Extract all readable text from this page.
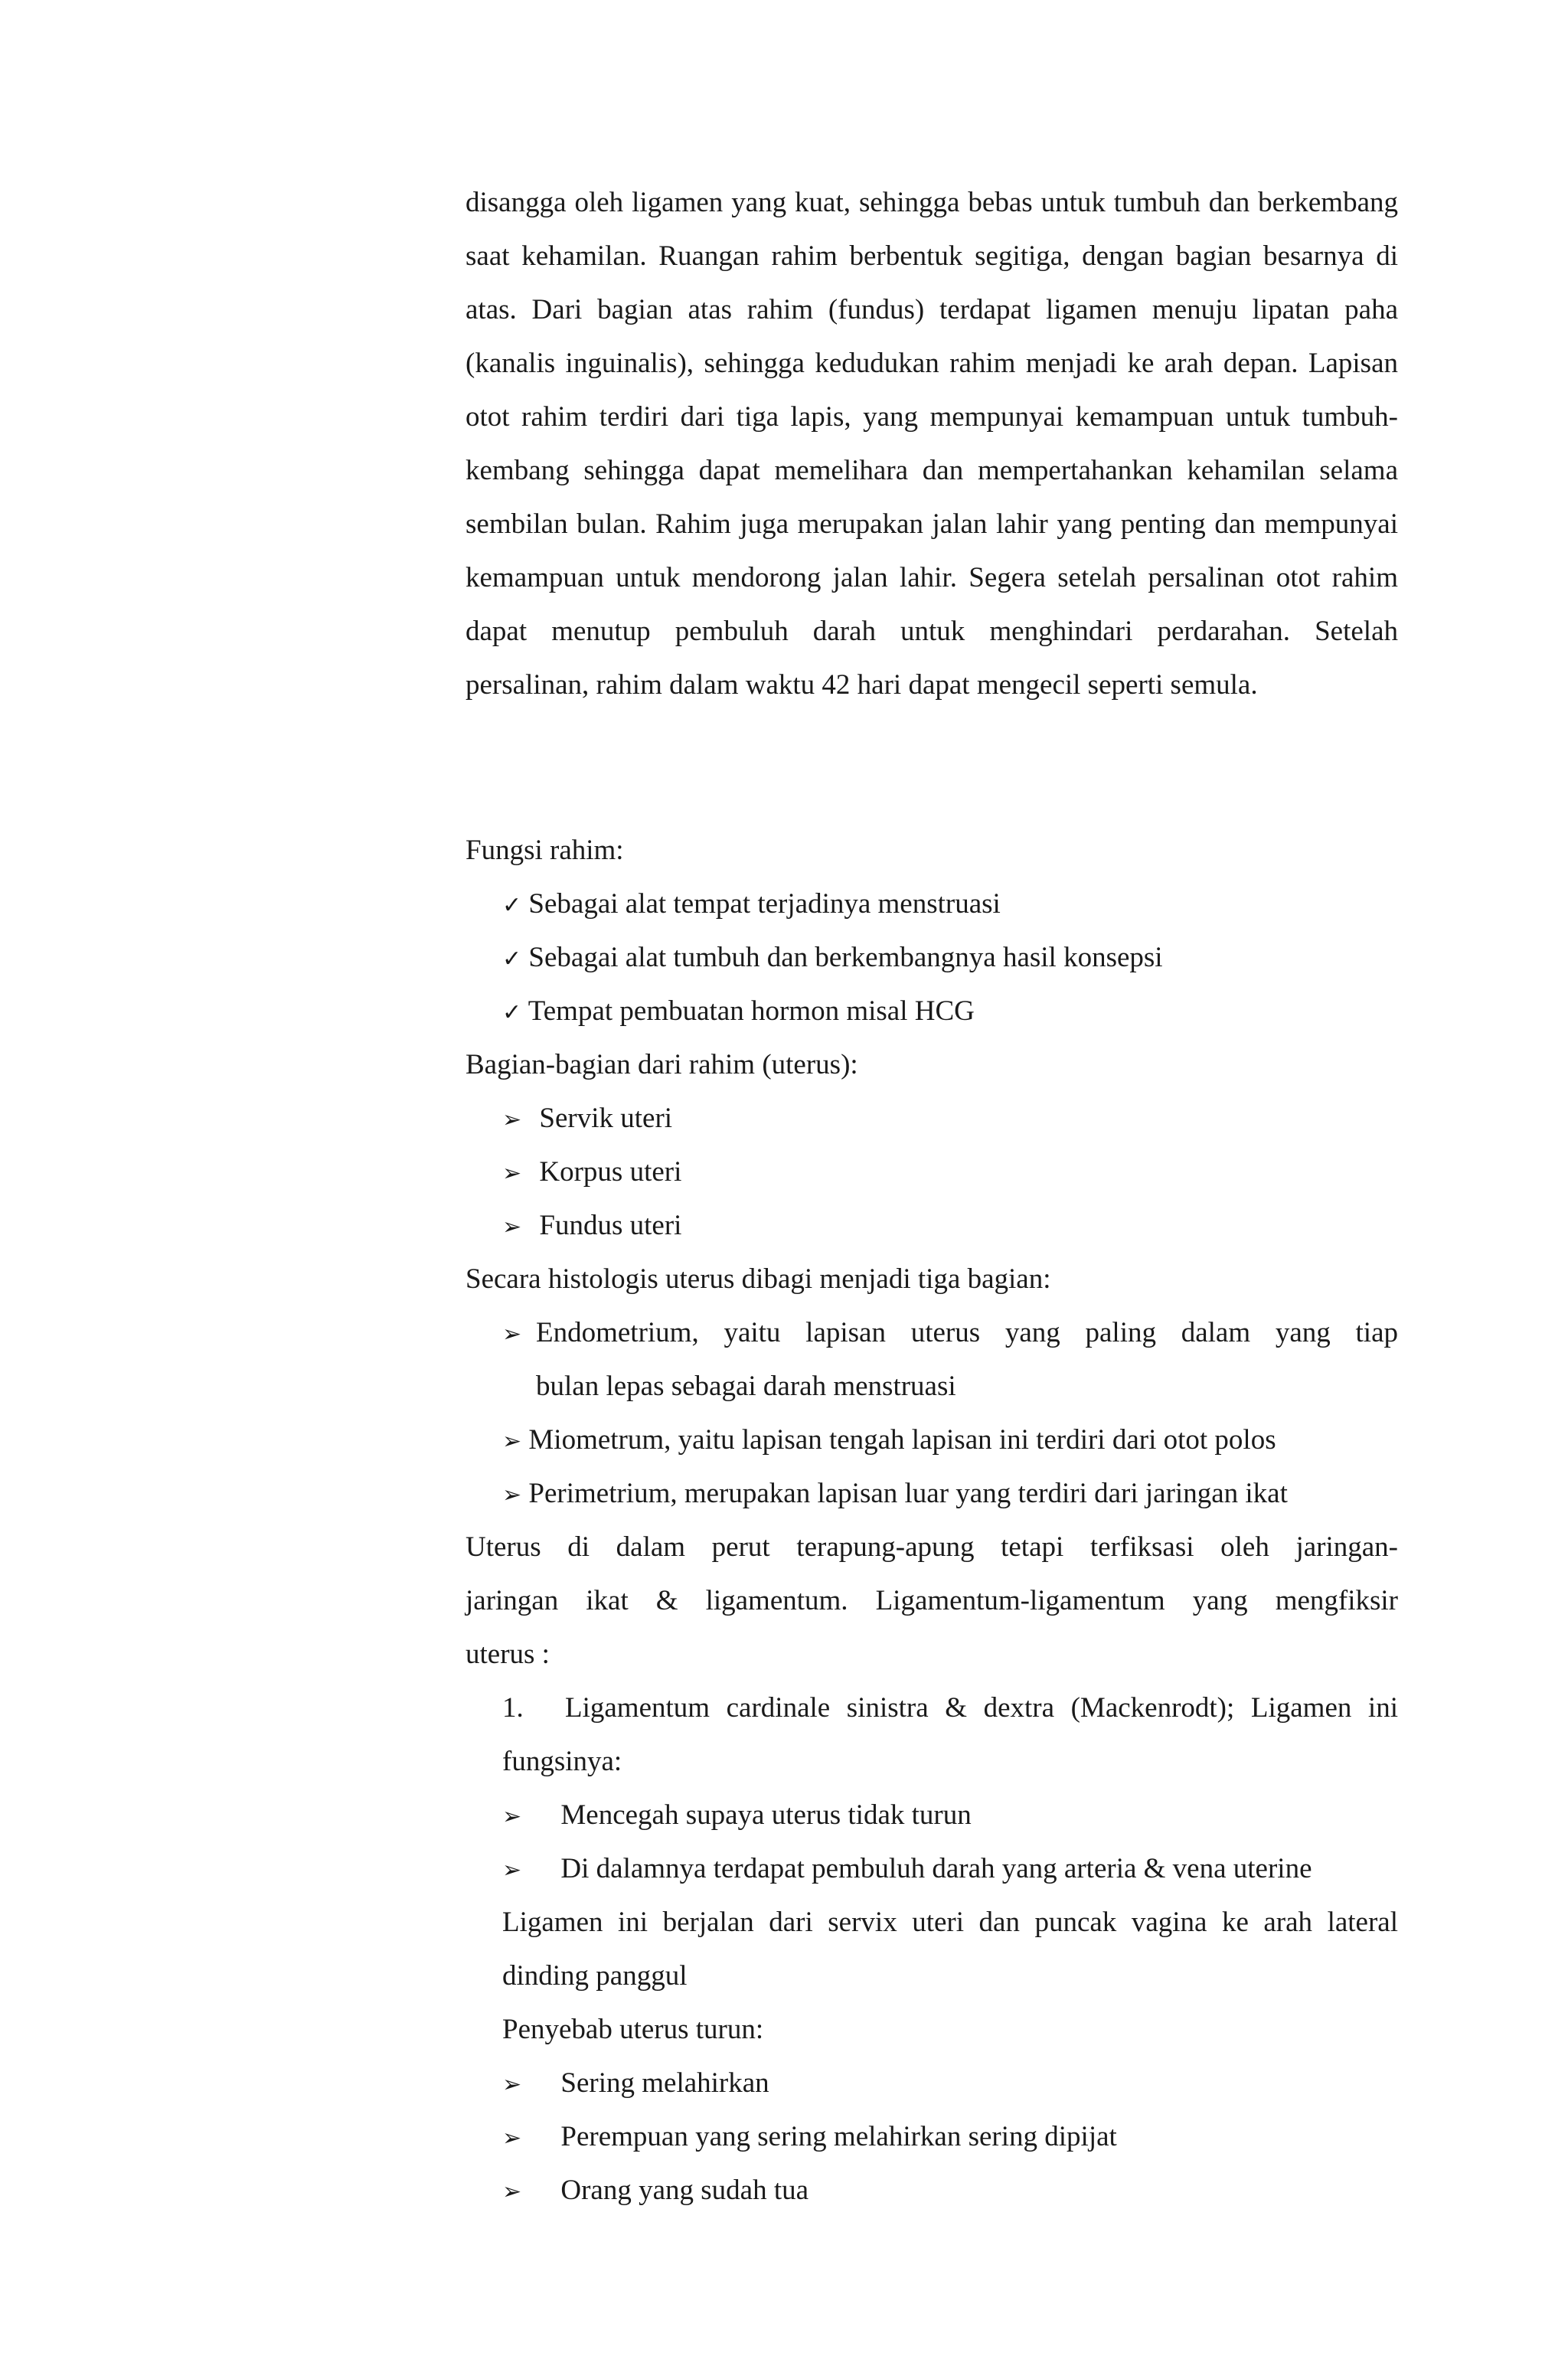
disangga oleh ligamen yang kuat, sehingga bebas untuk tumbuh dan berkembang saat kehamilan. Ruangan rahim berbentuk segitiga, dengan bagian besarnya di atas. Dari bagian atas rahim (fundus) terdapat ligamen menuju lipatan paha (kanalis inguinalis), sehingga kedudukan rahim menjadi ke arah depan. Lapisan otot rahim terdiri dari tiga lapis, yang mempunyai kemampuan untuk tumbuh-kembang sehingga dapat memelihara dan mempertahankan kehamilan selama sembilan bulan. Rahim juga merupakan jalan lahir yang penting dan mempunyai kemampuan untuk mendorong jalan lahir. Segera setelah persalinan otot rahim dapat menutup pembuluh darah untuk menghindari perdarahan. Setelah persalinan, rahim dalam waktu 42 hari dapat mengecil seperti semula.

Fungsi rahim:
✓ Sebagai alat tempat terjadinya menstruasi
✓ Sebagai alat tumbuh dan berkembangnya hasil konsepsi
✓ Tempat pembuatan hormon misal HCG
Bagian-bagian dari rahim (uterus):
➢ Servik uteri
➢ Korpus uteri
➢ Fundus uteri
Secara histologis uterus dibagi menjadi tiga bagian:
➢ Endometrium, yaitu lapisan uterus yang paling dalam yang tiap
bulan lepas sebagai darah menstruasi
➢ Miometrum, yaitu lapisan tengah lapisan ini terdiri dari otot polos
➢ Perimetrium, merupakan lapisan luar yang terdiri dari jaringan ikat
Uterus di dalam perut terapung-apung tetapi terfiksasi oleh jaringan-
jaringan ikat & ligamentum. Ligamentum-ligamentum yang mengfiksir
uterus :
1. Ligamentum cardinale sinistra & dextra (Mackenrodt); Ligamen ini
fungsinya:
➢ Mencegah supaya uterus tidak turun
➢ Di dalamnya terdapat pembuluh darah yang arteria & vena uterine
Ligamen ini berjalan dari servix uteri dan puncak vagina ke arah lateral
dinding panggul
Penyebab uterus turun:
➢ Sering melahirkan
➢ Perempuan yang sering melahirkan sering dipijat
➢ Orang yang sudah tua
